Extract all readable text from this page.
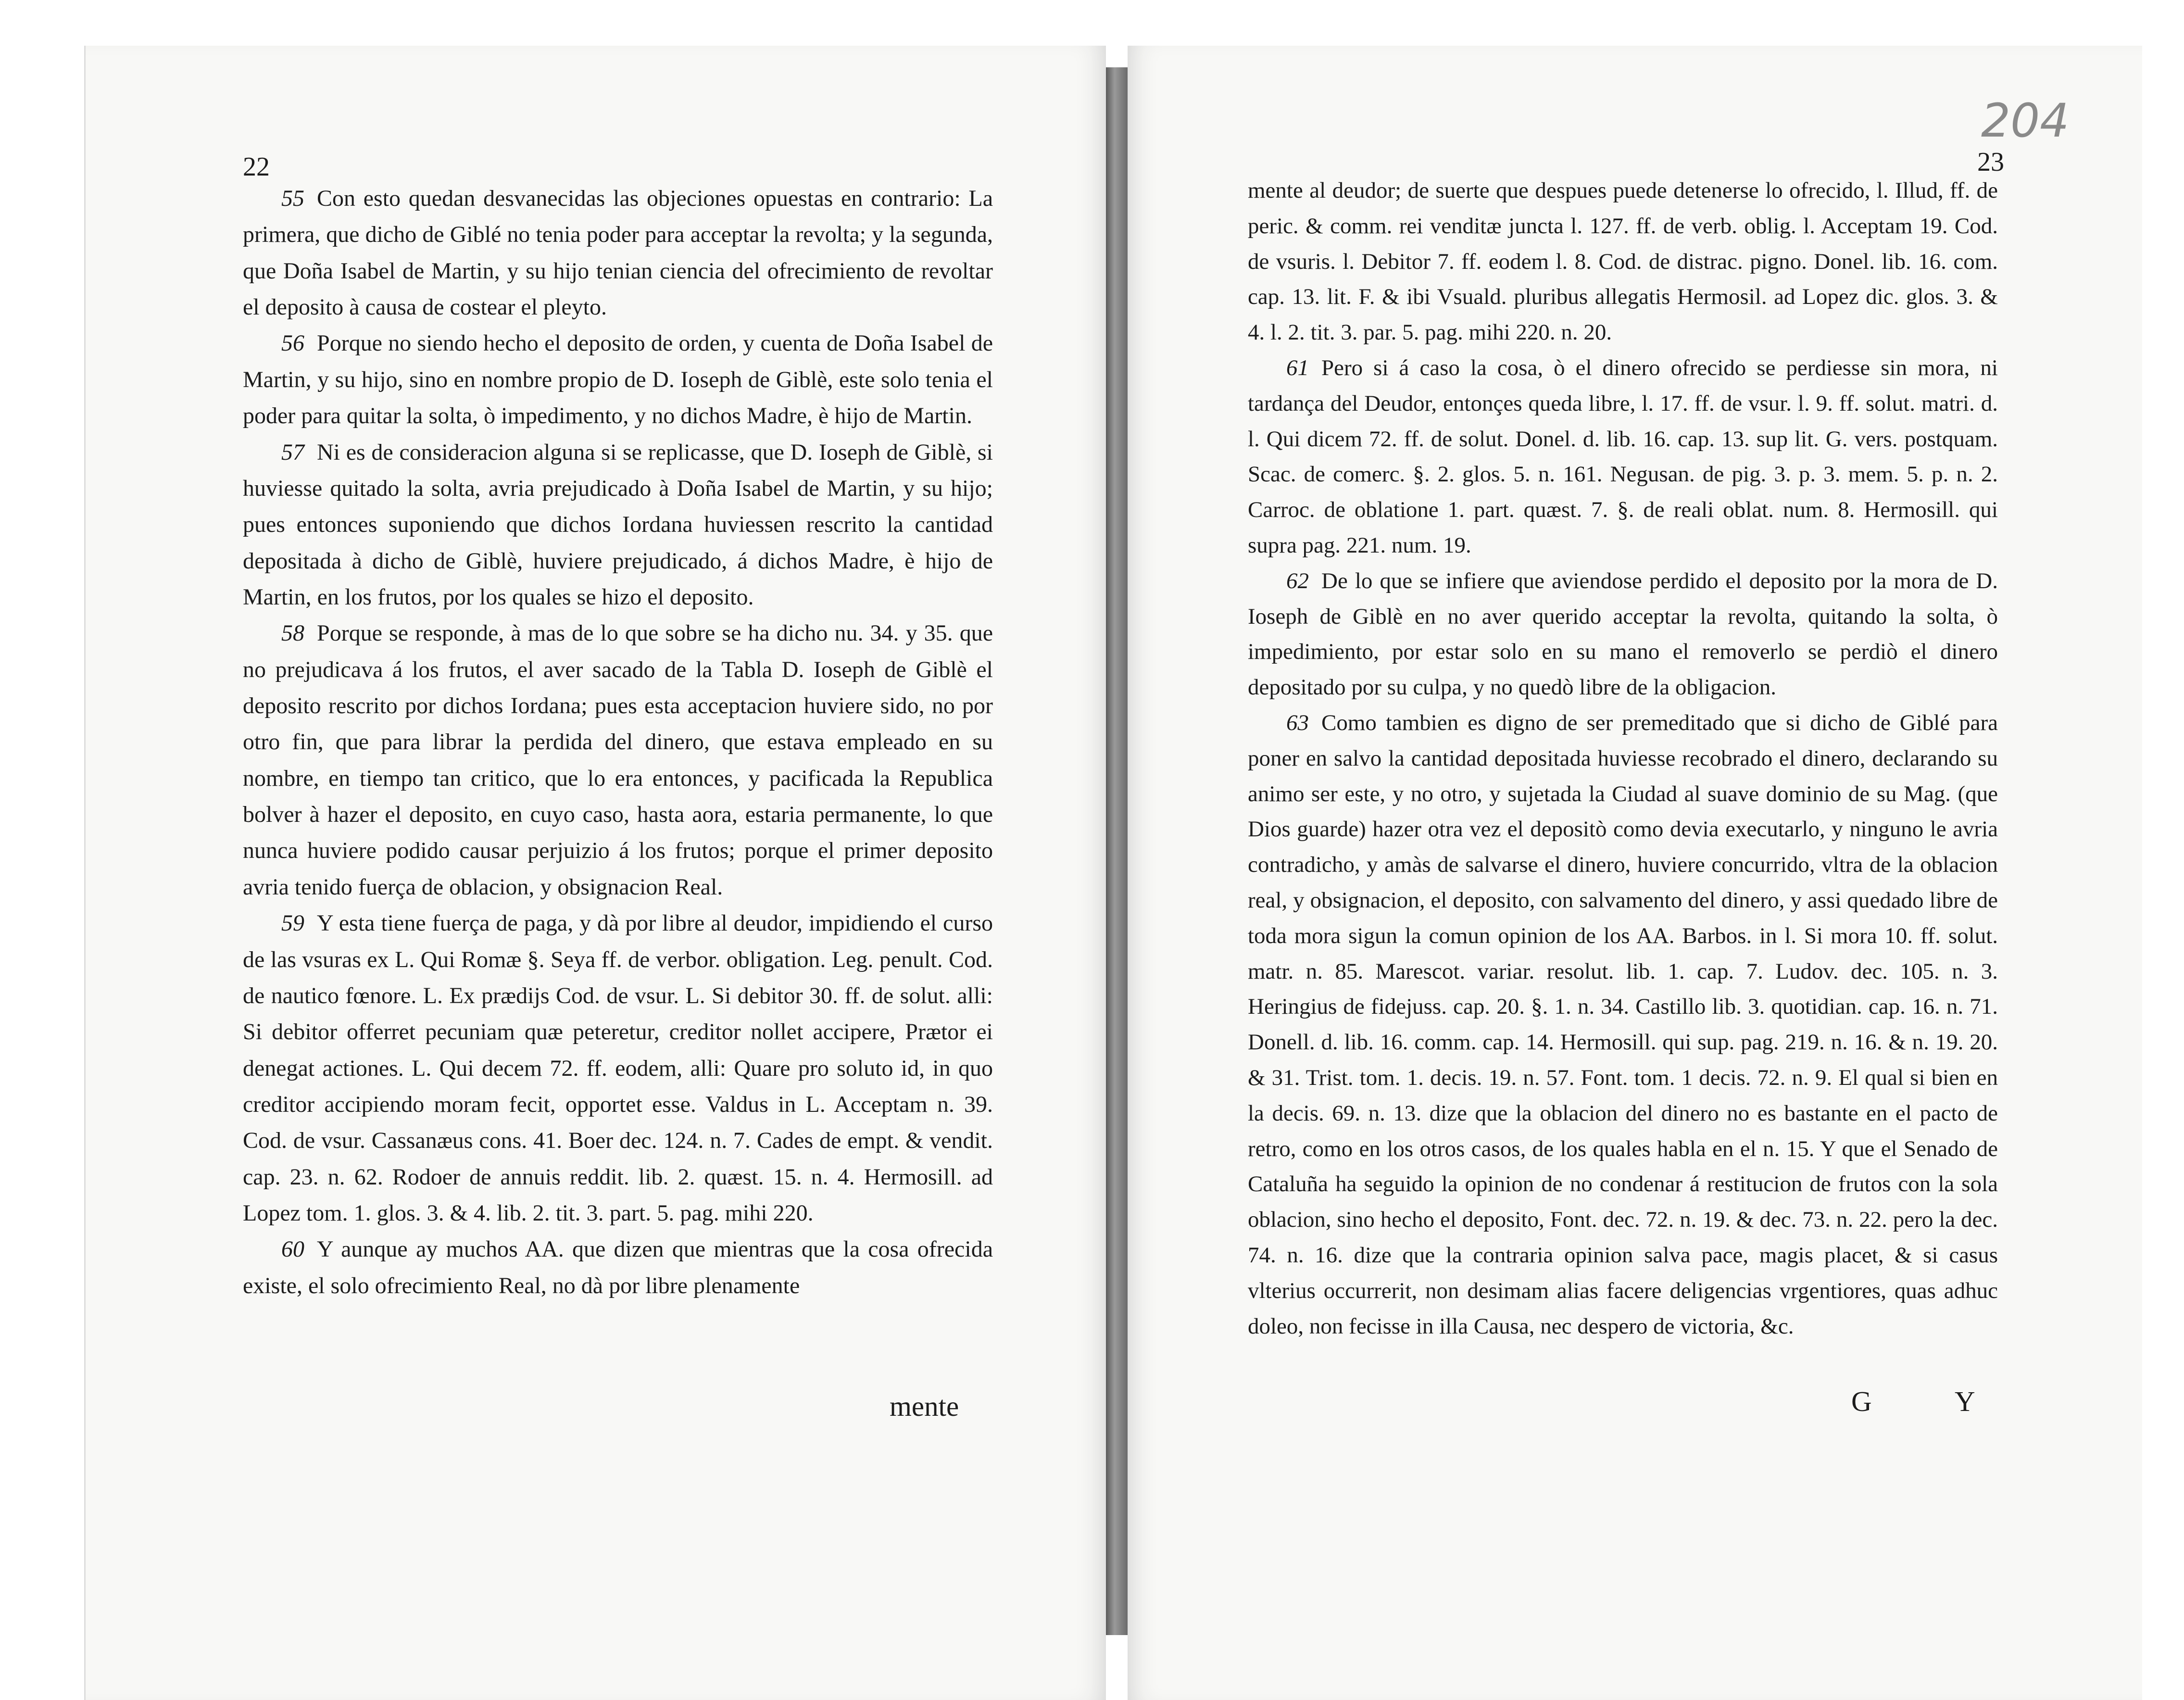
22	23
204

55 Con esto quedan desvanecidas las objeciones opuestas en contrario: La primera, que dicho de Giblé no tenia poder para acceptar la revolta; y la segunda, que Doña Isabel de Martin, y su hijo tenian ciencia del ofrecimiento de revoltar el deposito à causa de costear el pleyto.

56 Porque no siendo hecho el deposito de orden, y cuenta de Doña Isabel de Martin, y su hijo, sino en nombre propio de D. Ioseph de Giblè, este solo tenia el poder para quitar la solta, ò impedimento, y no dichos Madre, è hijo de Martin.

57 Ni es de consideracion alguna si se replicasse, que D. Ioseph de Giblè, si huviesse quitado la solta, avria prejudicado à Doña Isabel de Martin, y su hijo; pues entonces suponiendo que dichos Iordana huviessen rescrito la cantidad depositada à dicho de Giblè, huviere prejudicado, á dichos Madre, è hijo de Martin, en los frutos, por los quales se hizo el deposito.

58 Porque se responde, à mas de lo que sobre se ha dicho nu. 34. y 35. que no prejudicava á los frutos, el aver sacado de la Tabla D. Ioseph de Giblè el deposito rescrito por dichos Iordana; pues esta acceptacion huviere sido, no por otro fin, que para librar la perdida del dinero, que estava empleado en su nombre, en tiempo tan critico, que lo era entonces, y pacificada la Republica bolver à hazer el deposito, en cuyo caso, hasta aora, estaria permanente, lo que nunca huviere podido causar perjuizio á los frutos; porque el primer deposito avria tenido fuerça de oblacion, y obsignacion Real.

59 Y esta tiene fuerça de paga, y dà por libre al deudor, impidiendo el curso de las vsuras ex L. Qui Romæ §. Seya ff. de verbor. obligation. Leg. penult. Cod. de nautico fœnore. L. Ex prædijs Cod. de vsur. L. Si debitor 30. ff. de solut. alli: Si debitor offerret pecuniam quæ peteretur, creditor nollet accipere, Prætor ei denegat actiones. L. Qui decem 72. ff. eodem, alli: Quare pro soluto id, in quo creditor accipiendo moram fecit, opportet esse. Valdus in L. Acceptam n. 39. Cod. de vsur. Cassanæus cons. 41. Boer dec. 124. n. 7. Cades de empt. & vendit. cap. 23. n. 62. Rodoer de annuis reddit. lib. 2. quæst. 15. n. 4. Hermosill. ad Lopez tom. 1. glos. 3. & 4. lib. 2. tit. 3. part. 5. pag. mihi 220.

60 Y aunque ay muchos AA. que dizen que mientras que la cosa ofrecida existe, el solo ofrecimiento Real, no dà por libre plenamente

mente

mente al deudor; de suerte que despues puede detenerse lo ofrecido, l. Illud, ff. de peric. & comm. rei venditæ juncta l. 127. ff. de verb. oblig. l. Acceptam 19. Cod. de vsuris. l. Debitor 7. ff. eodem l. 8. Cod. de distrac. pigno. Donel. lib. 16. com. cap. 13. lit. F. & ibi Vsuald. pluribus allegatis Hermosil. ad Lopez dic. glos. 3. & 4. l. 2. tit. 3. par. 5. pag. mihi 220. n. 20.

61 Pero si á caso la cosa, ò el dinero ofrecido se perdiesse sin mora, ni tardança del Deudor, entonçes queda libre, l. 17. ff. de vsur. l. 9. ff. solut. matri. d. l. Qui dicem 72. ff. de solut. Donel. d. lib. 16. cap. 13. sup lit. G. vers. postquam. Scac. de comerc. §. 2. glos. 5. n. 161. Negusan. de pig. 3. p. 3. mem. 5. p. n. 2. Carroc. de oblatione 1. part. quæst. 7. §. de reali oblat. num. 8. Hermosill. qui supra pag. 221. num. 19.

62 De lo que se infiere que aviendose perdido el deposito por la mora de D. Ioseph de Giblè en no aver querido acceptar la revolta, quitando la solta, ò impedimiento, por estar solo en su mano el removerlo se perdiò el dinero depositado por su culpa, y no quedò libre de la obligacion.

63 Como tambien es digno de ser premeditado que si dicho de Giblé para poner en salvo la cantidad depositada huviesse recobrado el dinero, declarando su animo ser este, y no otro, y sujetada la Ciudad al suave dominio de su Mag. (que Dios guarde) hazer otra vez el depositò como devia executarlo, y ninguno le avria contradicho, y amàs de salvarse el dinero, huviere concurrido, vltra de la oblacion real, y obsignacion, el deposito, con salvamento del dinero, y assi quedado libre de toda mora sigun la comun opinion de los AA. Barbos. in l. Si mora 10. ff. solut. matr. n. 85. Marescot. variar. resolut. lib. 1. cap. 7. Ludov. dec. 105. n. 3. Heringius de fidejuss. cap. 20. §. 1. n. 34. Castillo lib. 3. quotidian. cap. 16. n. 71. Donell. d. lib. 16. comm. cap. 14. Hermosill. qui sup. pag. 219. n. 16. & n. 19. 20. & 31. Trist. tom. 1. decis. 19. n. 57. Font. tom. 1 decis. 72. n. 9. El qual si bien en la decis. 69. n. 13. dize que la oblacion del dinero no es bastante en el pacto de retro, como en los otros casos, de los quales habla en el n. 15. Y que el Senado de Cataluña ha seguido la opinion de no condenar á restitucion de frutos con la sola oblacion, sino hecho el deposito, Font. dec. 72. n. 19. & dec. 73. n. 22. pero la dec. 74. n. 16. dize que la contraria opinion salva pace, magis placet, & si casus vlterius occurrerit, non desimam alias facere deligencias vrgentiores, quas adhuc doleo, non fecisse in illa Causa, nec despero de victoria, &c.

G	Y
